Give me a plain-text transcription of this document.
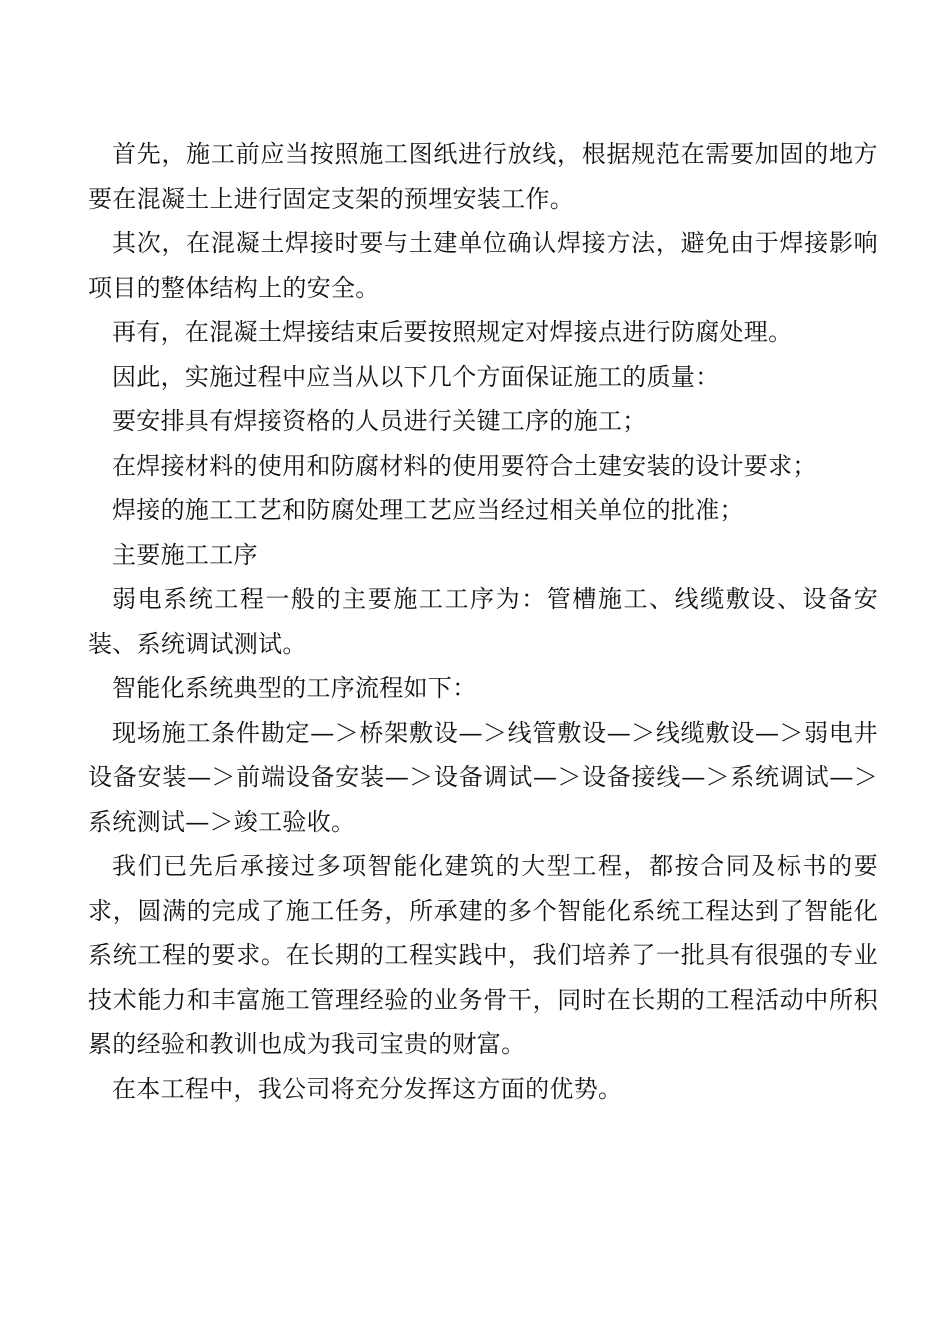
首先，施工前应当按照施工图纸进行放线，根据规范在需要加固的地方要在混凝土上进行固定支架的预埋安装工作。

其次，在混凝土焊接时要与土建单位确认焊接方法，避免由于焊接影响项目的整体结构上的安全。

再有，在混凝土焊接结束后要按照规定对焊接点进行防腐处理。

因此，实施过程中应当从以下几个方面保证施工的质量：

要安排具有焊接资格的人员进行关键工序的施工；

在焊接材料的使用和防腐材料的使用要符合土建安装的设计要求；

焊接的施工工艺和防腐处理工艺应当经过相关单位的批准；

主要施工工序

弱电系统工程一般的主要施工工序为：管槽施工、线缆敷设、设备安装、系统调试测试。

智能化系统典型的工序流程如下：

现场施工条件勘定—＞桥架敷设—＞线管敷设—＞线缆敷设—＞弱电井设备安装—＞前端设备安装—＞设备调试—＞设备接线—＞系统调试—＞系统测试—＞竣工验收。

我们已先后承接过多项智能化建筑的大型工程，都按合同及标书的要求，圆满的完成了施工任务，所承建的多个智能化系统工程达到了智能化系统工程的要求。在长期的工程实践中，我们培养了一批具有很强的专业技术能力和丰富施工管理经验的业务骨干，同时在长期的工程活动中所积累的经验和教训也成为我司宝贵的财富。

在本工程中，我公司将充分发挥这方面的优势。
